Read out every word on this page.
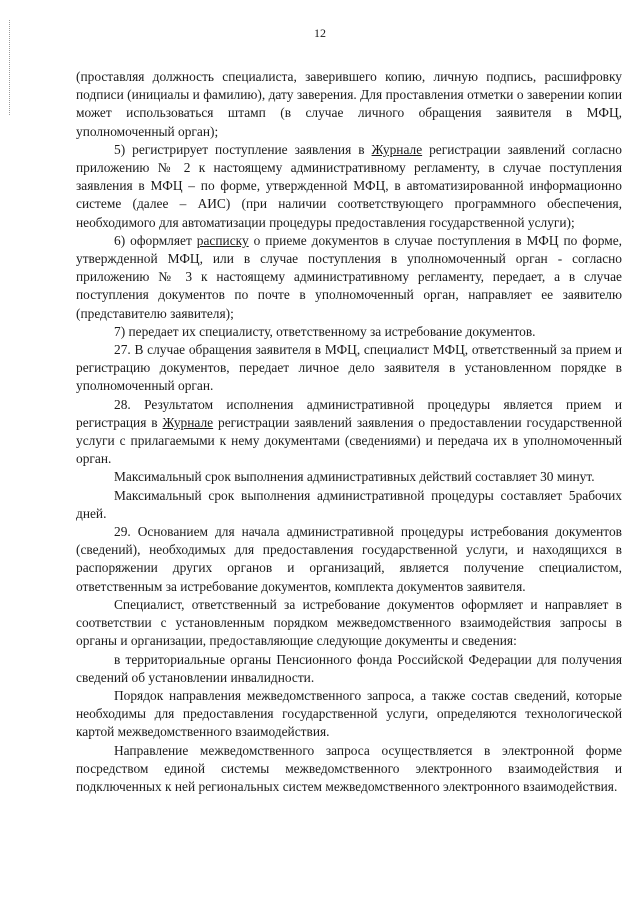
12

(проставляя должность специалиста, заверившего копию, личную подпись, расшифровку подписи (инициалы и фамилию), дату заверения. Для проставления отметки о заверении копии может использоваться штамп (в случае личного обращения заявителя в МФЦ, уполномоченный орган);

5) регистрирует поступление заявления в Журнале регистрации заявлений согласно приложению № 2 к настоящему административному регламенту, в случае поступления заявления в МФЦ – по форме, утвержденной МФЦ, в автоматизированной информационно системе (далее – АИС) (при наличии соответствующего программного обеспечения, необходимого для автоматизации процедуры предоставления государственной услуги);

6) оформляет расписку о приеме документов в случае поступления в МФЦ по форме, утвержденной МФЦ, или в случае поступления в уполномоченный орган - согласно приложению № 3 к настоящему административному регламенту, передает, а в случае поступления документов по почте в уполномоченный орган, направляет ее заявителю (представителю заявителя);

7) передает их специалисту, ответственному за истребование документов.

27. В случае обращения заявителя в МФЦ, специалист МФЦ, ответственный за прием и регистрацию документов, передает личное дело заявителя в установленном порядке в уполномоченный орган.

28. Результатом исполнения административной процедуры является прием и регистрация в Журнале регистрации заявлений заявления о предоставлении государственной услуги с прилагаемыми к нему документами (сведениями) и передача их в уполномоченный орган.

Максимальный срок выполнения административных действий составляет 30 минут.

Максимальный срок выполнения административной процедуры составляет 5рабочих дней.

29. Основанием для начала административной процедуры истребования документов (сведений), необходимых для предоставления государственной услуги, и находящихся в распоряжении других органов и организаций, является получение специалистом, ответственным за истребование документов, комплекта документов заявителя.

Специалист, ответственный за истребование документов оформляет и направляет в соответствии с установленным порядком межведомственного взаимодействия запросы в органы и организации, предоставляющие следующие документы и сведения:

в территориальные органы Пенсионного фонда Российской Федерации для получения сведений об установлении инвалидности.

Порядок направления межведомственного запроса, а также состав сведений, которые необходимы для предоставления государственной услуги, определяются технологической картой межведомственного взаимодействия.

Направление межведомственного запроса осуществляется в электронной форме посредством единой системы межведомственного электронного взаимодействия и подключенных к ней региональных систем межведомственного электронного взаимодействия.
